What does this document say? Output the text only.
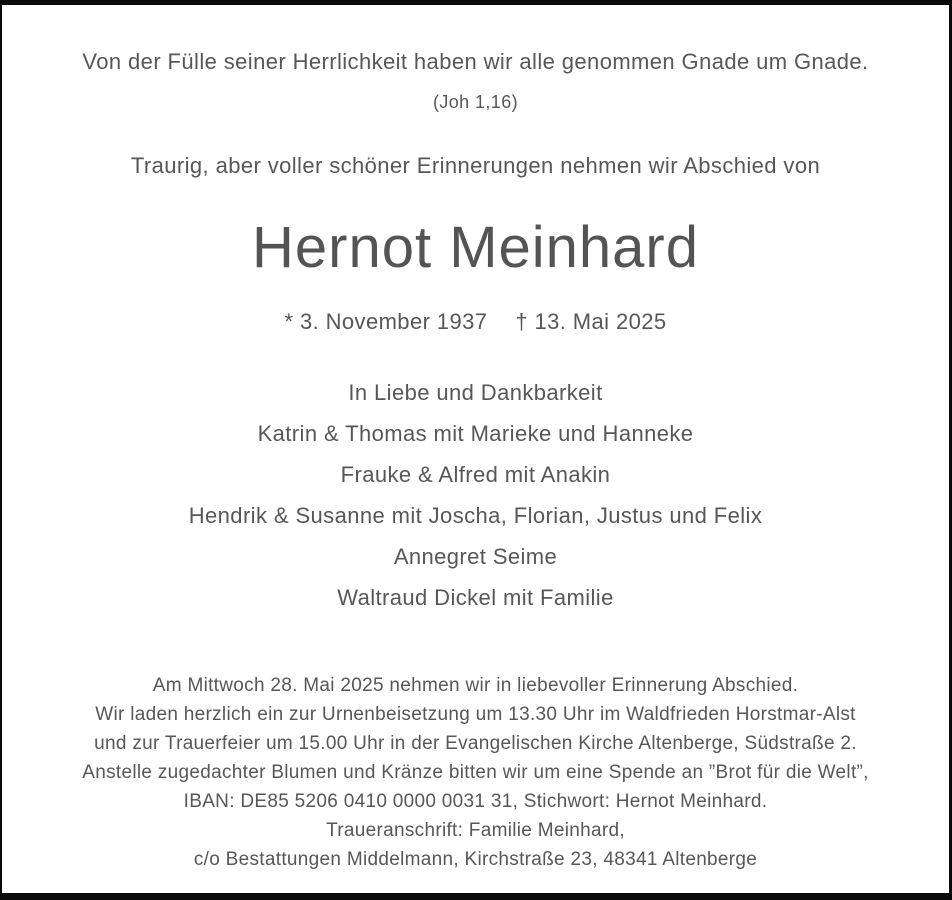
Von der Fülle seiner Herrlichkeit haben wir alle genommen Gnade um Gnade.
(Joh 1,16)
Traurig, aber voller schöner Erinnerungen nehmen wir Abschied von
Hernot Meinhard
* 3. November 1937 † 13. Mai 2025
In Liebe und Dankbarkeit
Katrin & Thomas mit Marieke und Hanneke
Frauke & Alfred mit Anakin
Hendrik & Susanne mit Joscha, Florian, Justus und Felix
Annegret Seime
Waltraud Dickel mit Familie
Am Mittwoch 28. Mai 2025 nehmen wir in liebevoller Erinnerung Abschied.
Wir laden herzlich ein zur Urnenbeisetzung um 13.30 Uhr im Waldfrieden Horstmar-Alst
und zur Trauerfeier um 15.00 Uhr in der Evangelischen Kirche Altenberge, Südstraße 2.
Anstelle zugedachter Blumen und Kränze bitten wir um eine Spende an ”Brot für die Welt”,
IBAN: DE85 5206 0410 0000 0031 31, Stichwort: Hernot Meinhard.
Traueranschrift: Familie Meinhard,
c/o Bestattungen Middelmann, Kirchstraße 23, 48341 Altenberge
